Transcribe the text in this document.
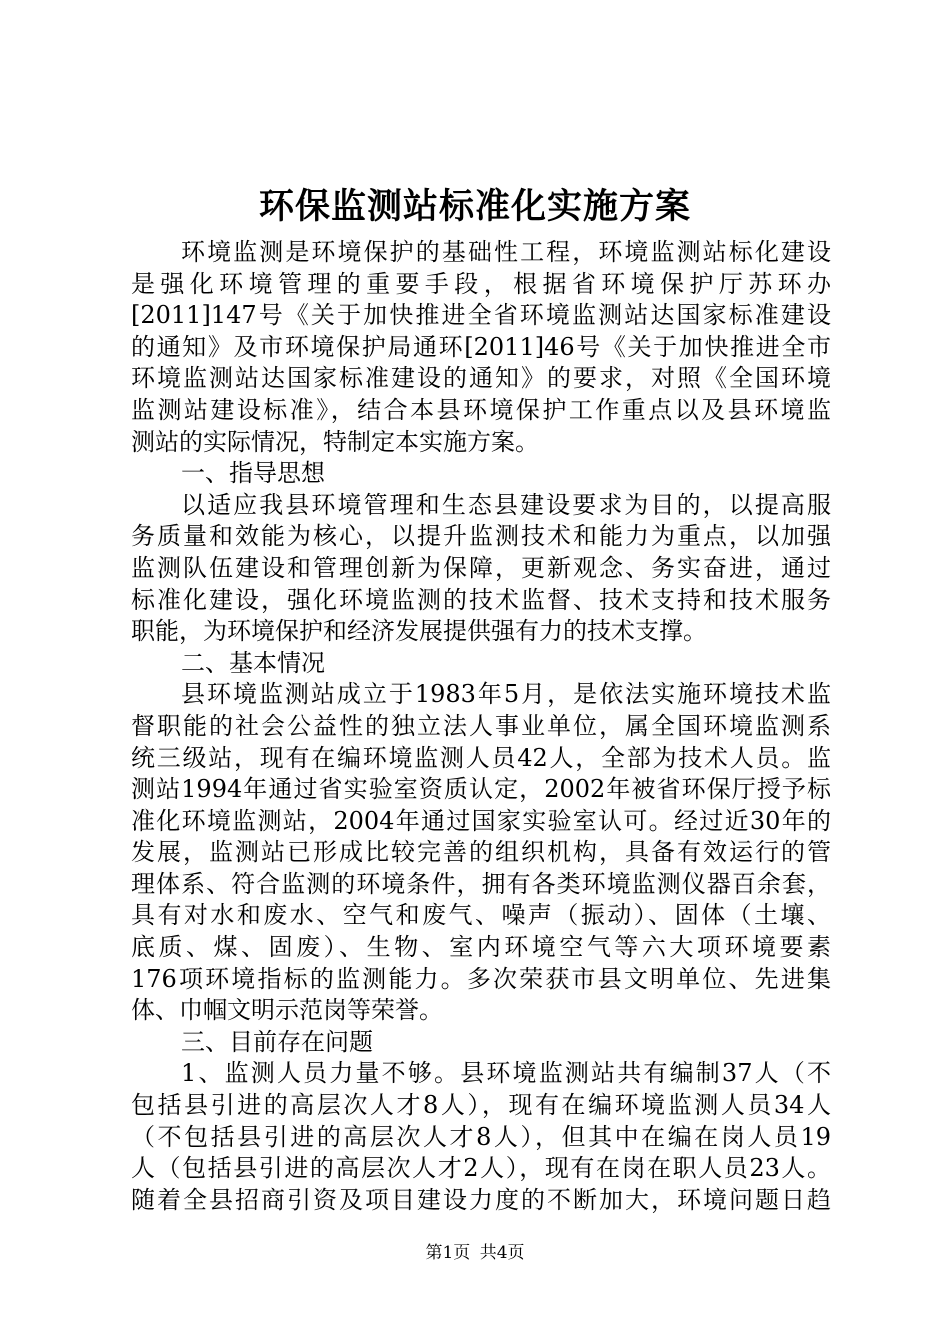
环保监测站标准化实施方案
环境监测是环境保护的基础性工程，环境监测站标化建设
是强化环境管理的重要手段，根据省环境保护厅苏环办
[2011]147号《关于加快推进全省环境监测站达国家标准建设
的通知》及市环境保护局通环[2011]46号《关于加快推进全市
环境监测站达国家标准建设的通知》的要求，对照《全国环境
监测站建设标准》，结合本县环境保护工作重点以及县环境监
测站的实际情况，特制定本实施方案。
一、指导思想
以适应我县环境管理和生态县建设要求为目的，以提高服
务质量和效能为核心，以提升监测技术和能力为重点，以加强
监测队伍建设和管理创新为保障，更新观念、务实奋进，通过
标准化建设，强化环境监测的技术监督、技术支持和技术服务
职能，为环境保护和经济发展提供强有力的技术支撑。
二、基本情况
县环境监测站成立于1983年5月，是依法实施环境技术监
督职能的社会公益性的独立法人事业单位，属全国环境监测系
统三级站，现有在编环境监测人员42人，全部为技术人员。监
测站1994年通过省实验室资质认定，2002年被省环保厅授予标
准化环境监测站，2004年通过国家实验室认可。经过近30年的
发展，监测站已形成比较完善的组织机构，具备有效运行的管
理体系、符合监测的环境条件，拥有各类环境监测仪器百余套，
具有对水和废水、空气和废气、噪声（振动）、固体（土壤、
底质、煤、固废）、生物、室内环境空气等六大项环境要素
176项环境指标的监测能力。多次荣获市县文明单位、先进集
体、巾帼文明示范岗等荣誉。
三、目前存在问题
1、监测人员力量不够。县环境监测站共有编制37人（不
包括县引进的高层次人才8人），现有在编环境监测人员34人
（不包括县引进的高层次人才8人），但其中在编在岗人员19
人（包括县引进的高层次人才2人），现有在岗在职人员23人。
随着全县招商引资及项目建设力度的不断加大，环境问题日趋
第1页 共4页
